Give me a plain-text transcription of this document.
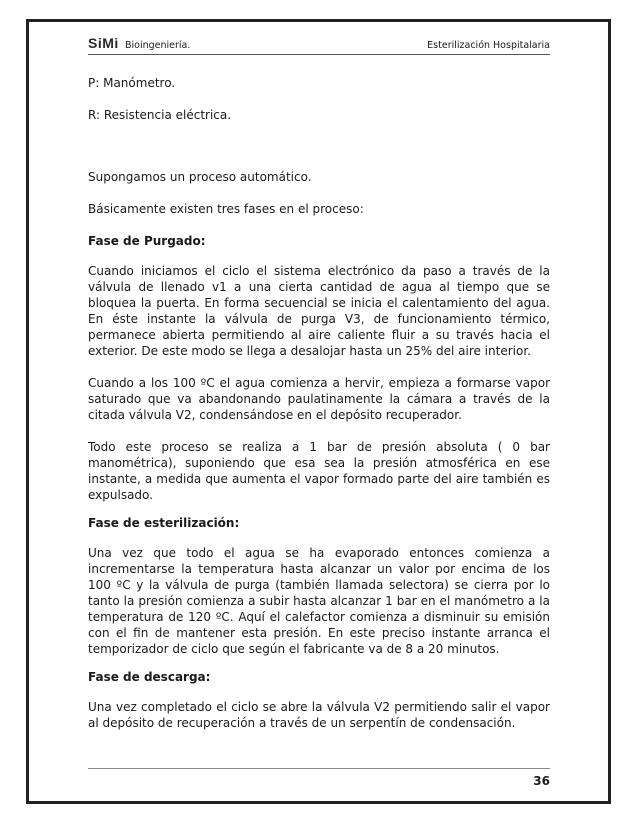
SiMi Bioingeniería.	Esterilización Hospitalaria

P: Manómetro.

R: Resistencia eléctrica.

Supongamos un proceso automático.

Básicamente existen tres fases en el proceso:

Fase de Purgado:

Cuando iniciamos el ciclo el sistema electrónico da paso a través de la válvula de llenado v1 a una cierta cantidad de agua al tiempo que se bloquea la puerta. En forma secuencial se inicia el calentamiento del agua. En éste instante la válvula de purga V3, de funcionamiento térmico, permanece abierta permitiendo al aire caliente fluir a su través hacia el exterior. De este modo se llega a desalojar hasta un 25% del aire interior.

Cuando a los 100 ºC el agua comienza a hervir, empieza a formarse vapor saturado que va abandonando paulatinamente la cámara a través de la citada válvula V2, condensándose en el depósito recuperador.

Todo este proceso se realiza a 1 bar de presión absoluta ( 0 bar manométrica), suponiendo que esa sea la presión atmosférica en ese instante, a medida que aumenta el vapor formado parte del aire también es expulsado.

Fase de esterilización:

Una vez que todo el agua se ha evaporado entonces comienza a incrementarse la temperatura hasta alcanzar un valor por encima de los 100 ºC y la válvula de purga (también llamada selectora) se cierra por lo tanto la presión comienza a subir hasta alcanzar 1 bar en el manómetro a la temperatura de 120 ºC. Aquí el calefactor comienza a disminuir su emisión con el fin de mantener esta presión. En este preciso instante arranca el temporizador de ciclo que según el fabricante va de 8 a 20 minutos.

Fase de descarga:

Una vez completado el ciclo se abre la válvula V2 permitiendo salir el vapor al depósito de recuperación a través de un serpentín de condensación.

36
